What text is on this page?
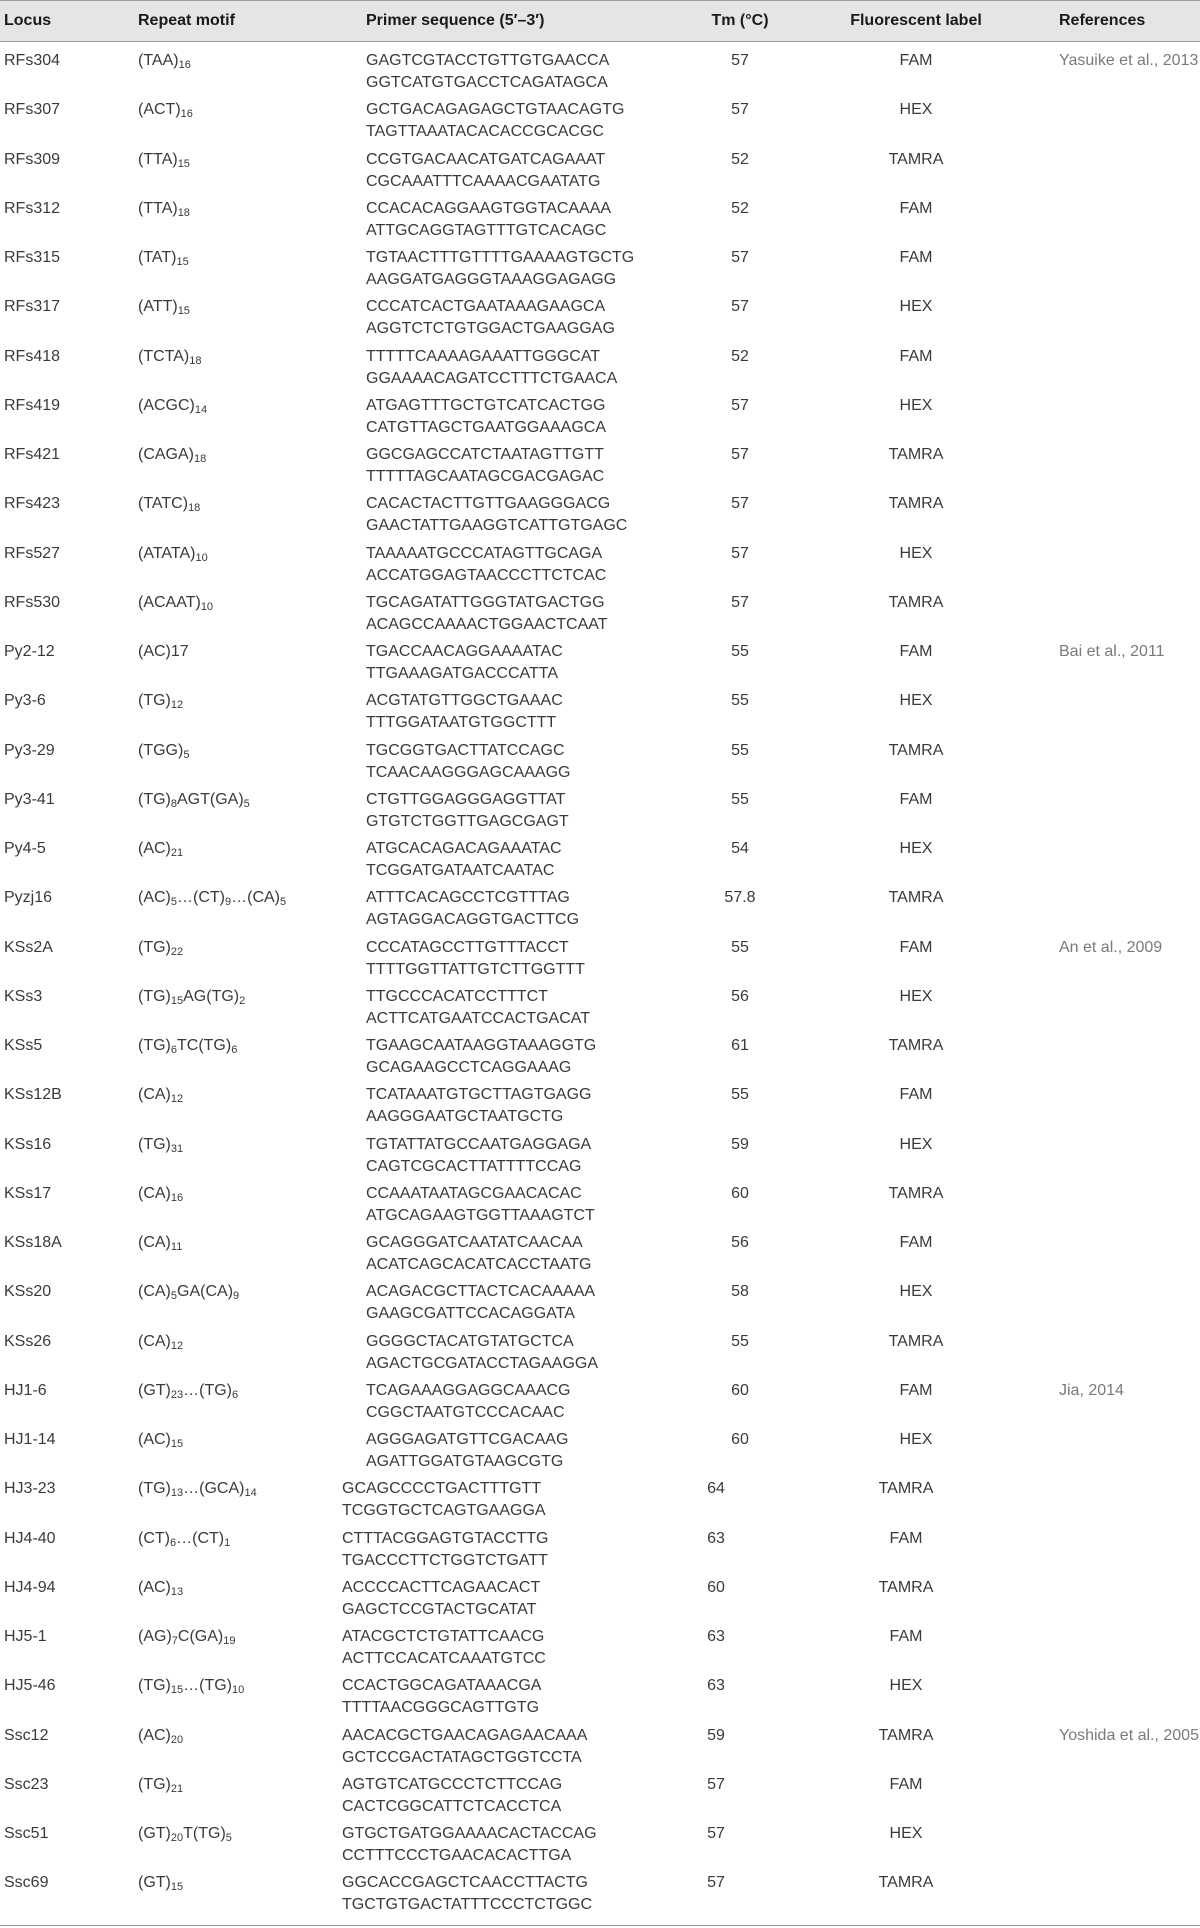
Locus	Repeat motif	Primer sequence (5′–3′)	Tm (°C)	Fluorescent label	References
RFs304	$(TAA)_{16}$	GAGTCGTACCTGTTGTGAACCA
GGTCATGTGACCTCAGATAGCA
57	FAM	Yasuike et al., 2013
RFs307	$(ACT)_{16}$	GCTGACAGAGAGCTGTAACAGTG
TAGTTAAATACACACCGCACGC
57	HEX
RFs309	$(TTA)_{15}$	CCGTGACAACATGATCAGAAAT
CGCAAATTTCAAAACGAATATG
52	TAMRA
RFs312	$(TTA)_{18}$	CCACACAGGAAGTGGTACAAAA
ATTGCAGGTAGTTTGTCACAGC
52	FAM
RFs315	$(TAT)_{15}$	TGTAACTTTGTTTTGAAAAGTGCTG
AAGGATGAGGGTAAAGGAGAGG
57	FAM
RFs317	$(ATT)_{15}$	CCCATCACTGAATAAAGAAGCA
AGGTCTCTGTGGACTGAAGGAG
57	HEX
RFs418	$(TCTA)_{18}$	TTTTTCAAAAGAAATTGGGCAT
GGAAAACAGATCCTTTCTGAACA
52	FAM
RFs419	$(ACGC)_{14}$	ATGAGTTTGCTGTCATCACTGG
CATGTTAGCTGAATGGAAAGCA
57	HEX
RFs421	$(CAGA)_{18}$	GGCGAGCCATCTAATAGTTGTT
TTTTTAGCAATAGCGACGAGAC
57	TAMRA
RFs423	$(TATC)_{18}$	CACACTACTTGTTGAAGGGACG
GAACTATTGAAGGTCATTGTGAGC
57	TAMRA
RFs527	$(ATATA)_{10}$	TAAAAATGCCCATAGTTGCAGA
ACCATGGAGTAACCCTTCTCAC
57	HEX
RFs530	$(ACAAT)_{10}$	TGCAGATATTGGGTATGACTGG
ACAGCCAAAACTGGAACTCAAT
57	TAMRA
Py2-12	(AC)17	TGACCAACAGGAAAATAC
TTGAAAGATGACCCATTA
55	FAM	Bai et al., 2011
Py3-6	$(TG)_{12}$	ACGTATGTTGGCTGAAAC
TTTGGATAATGTGGCTTT
55	HEX
Py3-29	$(TGG)_5$	TGCGGTGACTTATCCAGC
TCAACAAGGGAGCAAAGG
55	TAMRA
Py3-41	$(TG)_8AGT(GA)_5$	CTGTTGGAGGGAGGTTAT
GTGTCTGGTTGAGCGAGT
55	FAM
Py4-5	$(AC)_{21}$	ATGCACAGACAGAAATAC
TCGGATGATAATCAATAC
54	HEX
Pyzj16	$(AC)_5\dots(CT)_9\dots(CA)_5$	ATTTCACAGCCTCGTTTAG
AGTAGGACAGGTGACTTCG
57.8	TAMRA
KSs2A	$(TG)_{22}$	CCCATAGCCTTGTTTACCT
TTTTGGTTATTGTCTTGGTTT
55	FAM	An et al., 2009
KSs3	$(TG)_{15}AG(TG)_2$	TTGCCCACATCCTTTCT
ACTTCATGAATCCACTGACAT
56	HEX
KSs5	$(TG)_6TC(TG)_6$	TGAAGCAATAAGGTAAAGGTG
GCAGAAGCCTCAGGAAAG
61	TAMRA
KSs12B	$(CA)_{12}$	TCATAAATGTGCTTAGTGAGG
AAGGGAATGCTAATGCTG
55	FAM
KSs16	$(TG)_{31}$	TGTATTATGCCAATGAGGAGA
CAGTCGCACTTATTTTCCAG
59	HEX
KSs17	$(CA)_{16}$	CCAAATAATAGCGAACACAC
ATGCAGAAGTGGTTAAAGTCT
60	TAMRA
KSs18A	$(CA)_{11}$	GCAGGGATCAATATCAACAA
ACATCAGCACATCACCTAATG
56	FAM
KSs20	$(CA)_5GA(CA)_9$	ACAGACGCTTACTCACAAAAA
GAAGCGATTCCACAGGATA
58	HEX
KSs26	$(CA)_{12}$	GGGGCTACATGTATGCTCA
AGACTGCGATACCTAGAAGGA
55	TAMRA
HJ1-6	$(GT)_{23}\dots(TG)_6$	TCAGAAAGGAGGCAAACG
CGGCTAATGTCCCACAAC
60	FAM	Jia, 2014
HJ1-14	$(AC)_{15}$	AGGGAGATGTTCGACAAG
AGATTGGATGTAAGCGTG
60	HEX
HJ3-23	$(TG)_{13}\dots(GCA)_{14}$	GCAGCCCCTGACTTTGTT
TCGGTGCTCAGTGAAGGA
64	TAMRA
HJ4-40	$(CT)_6\dots(CT)_1$	CTTTACGGAGTGTACCTTG
TGACCCTTCTGGTCTGATT
63	FAM
HJ4-94	$(AC)_{13}$	ACCCCACTTCAGAACACT
GAGCTCCGTACTGCATAT
60	TAMRA
HJ5-1	$(AG)_7C(GA)_{19}$	ATACGCTCTGTATTCAACG
ACTTCCACATCAAATGTCC
63	FAM
HJ5-46	$(TG)_{15}\dots(TG)_{10}$	CCACTGGCAGATAAACGA
TTTTAACGGGCAGTTGTG
63	HEX
Ssc12	$(AC)_{20}$	AACACGCTGAACAGAGAACAAA
GCTCCGACTATAGCTGGTCCTA
59	TAMRA	Yoshida et al., 2005
Ssc23	$(TG)_{21}$	AGTGTCATGCCCTCTTCCAG
CACTCGGCATTCTCACCTCA
57	FAM
Ssc51	$(GT)_{20}T(TG)_5$	GTGCTGATGGAAAACACTACCAG
CCTTTCCCTGAACACACTTGA
57	HEX
Ssc69	$(GT)_{15}$	GGCACCGAGCTCAACCTTACTG
TGCTGTGACTATTTCCCTCTGGC
57	TAMRA
